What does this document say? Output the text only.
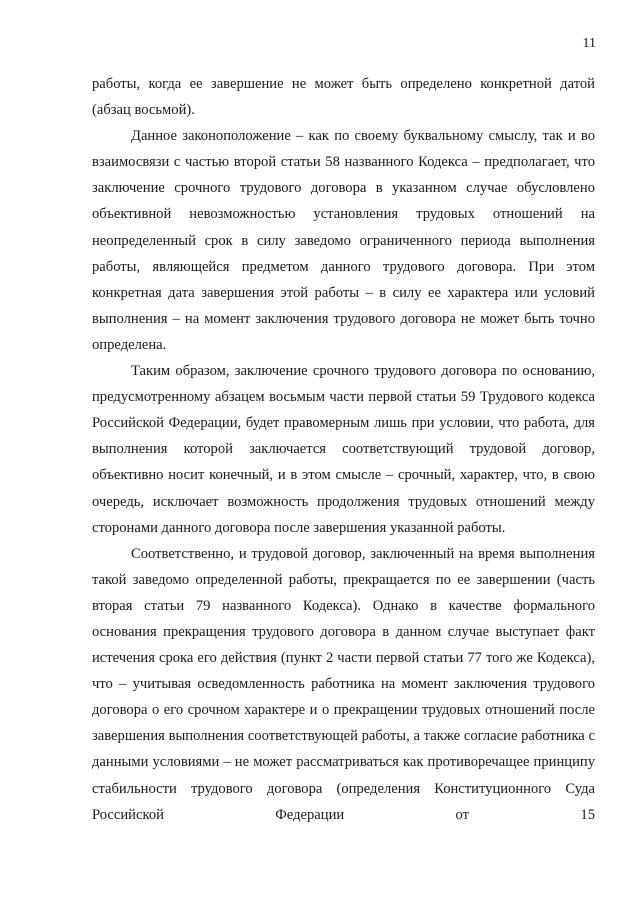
11

работы, когда ее завершение не может быть определено конкретной датой (абзац восьмой).

Данное законоположение – как по своему буквальному смыслу, так и во взаимосвязи с частью второй статьи 58 названного Кодекса – предполагает, что заключение срочного трудового договора в указанном случае обусловлено объективной невозможностью установления трудовых отношений на неопределенный срок в силу заведомо ограниченного периода выполнения работы, являющейся предметом данного трудового договора. При этом конкретная дата завершения этой работы – в силу ее характера или условий выполнения – на момент заключения трудового договора не может быть точно определена.

Таким образом, заключение срочного трудового договора по основанию, предусмотренному абзацем восьмым части первой статьи 59 Трудового кодекса Российской Федерации, будет правомерным лишь при условии, что работа, для выполнения которой заключается соответствующий трудовой договор, объективно носит конечный, и в этом смысле – срочный, характер, что, в свою очередь, исключает возможность продолжения трудовых отношений между сторонами данного договора после завершения указанной работы.

Соответственно, и трудовой договор, заключенный на время выполнения такой заведомо определенной работы, прекращается по ее завершении (часть вторая статьи 79 названного Кодекса). Однако в качестве формального основания прекращения трудового договора в данном случае выступает факт истечения срока его действия (пункт 2 части первой статьи 77 того же Кодекса), что – учитывая осведомленность работника на момент заключения трудового договора о его срочном характере и о прекращении трудовых отношений после завершения выполнения соответствующей работы, а также согласие работника с данными условиями – не может рассматриваться как противоречащее принципу стабильности трудового договора (определения Конституционного Суда Российской Федерации от 15
